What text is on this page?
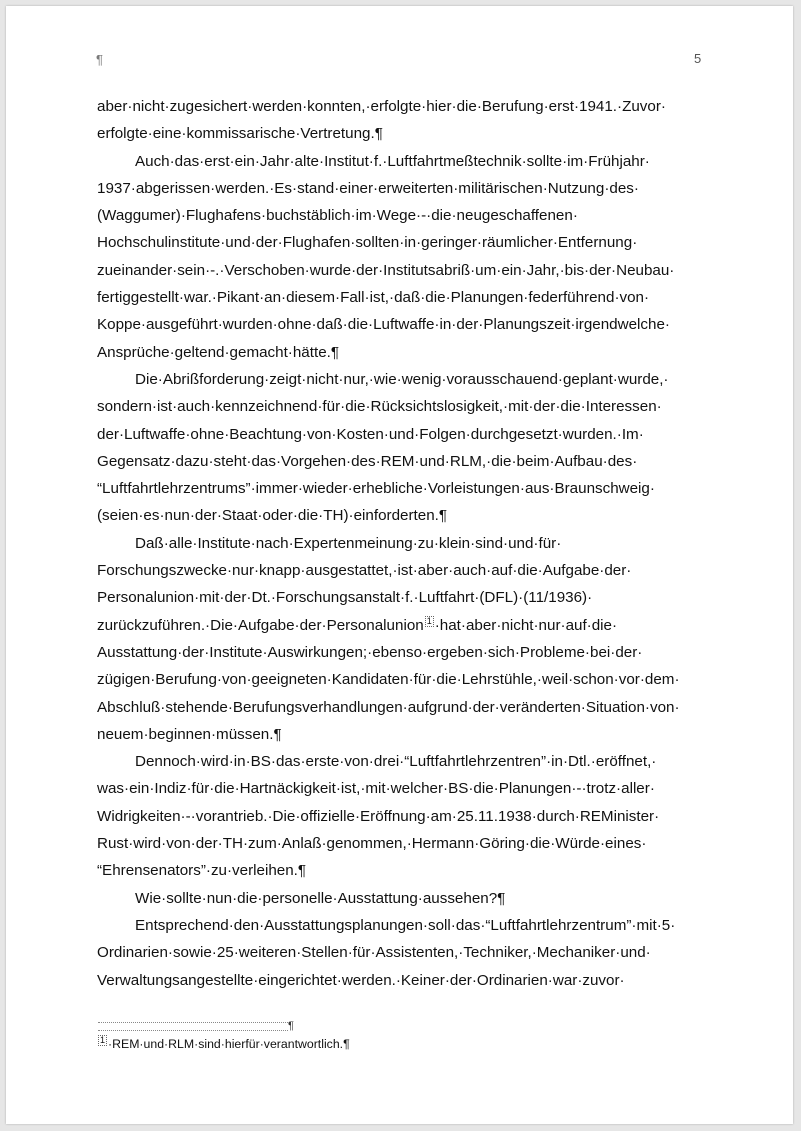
¶	5
aber·nicht·zugesichert·werden·konnten,·erfolgte·hier·die·Berufung·erst·1941.·Zuvor·
erfolgte·eine·kommissarische·Vertretung.¶
Auch·das·erst·ein·Jahr·alte·Institut·f.·Luftfahrtmeßtechnik·sollte·im·Frühjahr·
1937·abgerissen·werden.·Es·stand·einer·erweiterten·militärischen·Nutzung·des·
(Waggumer)·Flughafens·buchstäblich·im·Wege·-·die·neugeschaffenen·
Hochschulinstitute·und·der·Flughafen·sollten·in·geringer·räumlicher·Entfernung·
zueinander·sein·-.·Verschoben·wurde·der·Institutsabriß·um·ein·Jahr,·bis·der·Neubau·
fertiggestellt·war.·Pikant·an·diesem·Fall·ist,·daß·die·Planungen·federführend·von·
Koppe·ausgeführt·wurden·ohne·daß·die·Luftwaffe·in·der·Planungszeit·irgendwelche·
Ansprüche·geltend·gemacht·hätte.¶
Die·Abrißforderung·zeigt·nicht·nur,·wie·wenig·vorausschauend·geplant·wurde,·
sondern·ist·auch·kennzeichnend·für·die·Rücksichtslosigkeit,·mit·der·die·Interessen·
der·Luftwaffe·ohne·Beachtung·von·Kosten·und·Folgen·durchgesetzt·wurden.·Im·
Gegensatz·dazu·steht·das·Vorgehen·des·REM·und·RLM,·die·beim·Aufbau·des·
“Luftfahrtlehrzentrums”·immer·wieder·erhebliche·Vorleistungen·aus·Braunschweig·
(seien·es·nun·der·Staat·oder·die·TH)·einforderten.¶
Daß·alle·Institute·nach·Expertenmeinung·zu·klein·sind·und·für·
Forschungszwecke·nur·knapp·ausgestattet,·ist·aber·auch·auf·die·Aufgabe·der·
Personalunion·mit·der·Dt.·Forschungsanstalt·f.·Luftfahrt·(DFL)·(11/1936)·
zurückzuführen.·Die·Aufgabe·der·Personalunion 1 ·hat·aber·nicht·nur·auf·die·
Ausstattung·der·Institute·Auswirkungen;·ebenso·ergeben·sich·Probleme·bei·der·
zügigen·Berufung·von·geeigneten·Kandidaten·für·die·Lehrstühle,·weil·schon·vor·dem·
Abschluß·stehende·Berufungsverhandlungen·aufgrund·der·veränderten·Situation·von·
neuem·beginnen·müssen.¶
Dennoch·wird·in·BS·das·erste·von·drei·“Luftfahrtlehrzentren”·in·Dtl.·eröffnet,·
was·ein·Indiz·für·die·Hartnäckigkeit·ist,·mit·welcher·BS·die·Planungen·-·trotz·aller·
Widrigkeiten·-·vorantrieb.·Die·offizielle·Eröffnung·am·25.11.1938·durch·REMinister·
Rust·wird·von·der·TH·zum·Anlaß·genommen,·Hermann·Göring·die·Würde·eines·
“Ehrensenators”·zu·verleihen.¶
Wie·sollte·nun·die·personelle·Ausstattung·aussehen?¶
Entsprechend·den·Ausstattungsplanungen·soll·das·“Luftfahrtlehrzentrum”·mit·5·
Ordinarien·sowie·25·weiteren·Stellen·für·Assistenten,·Techniker,·Mechaniker·und·
Verwaltungsangestellte·eingerichtet·werden.·Keiner·der·Ordinarien·war·zuvor·
¶
1 ·REM·und·RLM·sind·hierfür·verantwortlich.¶
